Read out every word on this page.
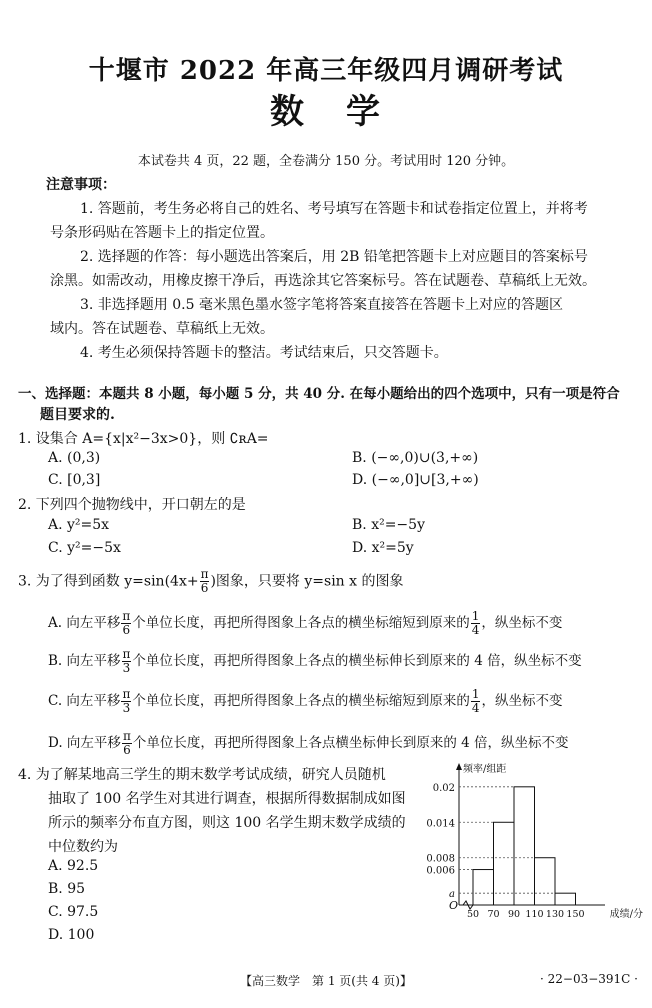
十堰市 2022 年高三年级四月调研考试
数学
本试卷共 4 页，22 题，全卷满分 150 分。考试用时 120 分钟。
注意事项：
1. 答题前，考生务必将自己的姓名、考号填写在答题卡和试卷指定位置上，并将考
号条形码贴在答题卡上的指定位置。
2. 选择题的作答：每小题选出答案后，用 2B 铅笔把答题卡上对应题目的答案标号
涂黑。如需改动，用橡皮擦干净后，再选涂其它答案标号。答在试题卷、草稿纸上无效。
3. 非选择题用 0.5 毫米黑色墨水签字笔将答案直接答在答题卡上对应的答题区
域内。答在试题卷、草稿纸上无效。
4. 考生必须保持答题卡的整洁。考试结束后，只交答题卡。
一、选择题：本题共 8 小题，每小题 5 分，共 40 分. 在每小题给出的四个选项中，只有一项是符合
题目要求的.
1. 设集合 A={x|x²−3x>0}，则 ∁ʀA=
A. (0,3)	B. (−∞,0)∪(3,+∞)
C. [0,3]	D. (−∞,0]∪[3,+∞)
2. 下列四个抛物线中，开口朝左的是
A. y²=5x	B. x²=−5y
C. y²=−5x	D. x²=5y
3. 为了得到函数 $y=\sin(4x+ \frac{\pi}{6}$ )图象，只要将 y=sin x 的图象
A. 向左平移 $\frac{\pi}{6}$ 个单位长度，再把所得图象上各点的横坐标缩短到原来的 $\frac{1}{4}$ ，纵坐标不变
B. 向左平移 $\frac{\pi}{3}$ 个单位长度，再把所得图象上各点的横坐标伸长到原来的 4 倍，纵坐标不变
C. 向左平移 $\frac{\pi}{3}$ 个单位长度，再把所得图象上各点的横坐标缩短到原来的 $\frac{1}{4}$ ，纵坐标不变
D. 向左平移 $\frac{\pi}{6}$ 个单位长度，再把所得图象上各点横坐标伸长到原来的 4 倍，纵坐标不变
4. 为了解某地高三学生的期末数学考试成绩，研究人员随机
抽取了 100 名学生对其进行调查，根据所得数据制成如图
所示的频率分布直方图，则这 100 名学生期末数学成绩的
中位数约为
A. 92.5
B. 95
C. 97.5
D. 100
0.02
0.014
0.008
0.006
a
50 70 90 110 130 150
O
频率/组距
成绩/分
【高三数学　第 1 页(共 4 页)】	· 22−03−391C ·
